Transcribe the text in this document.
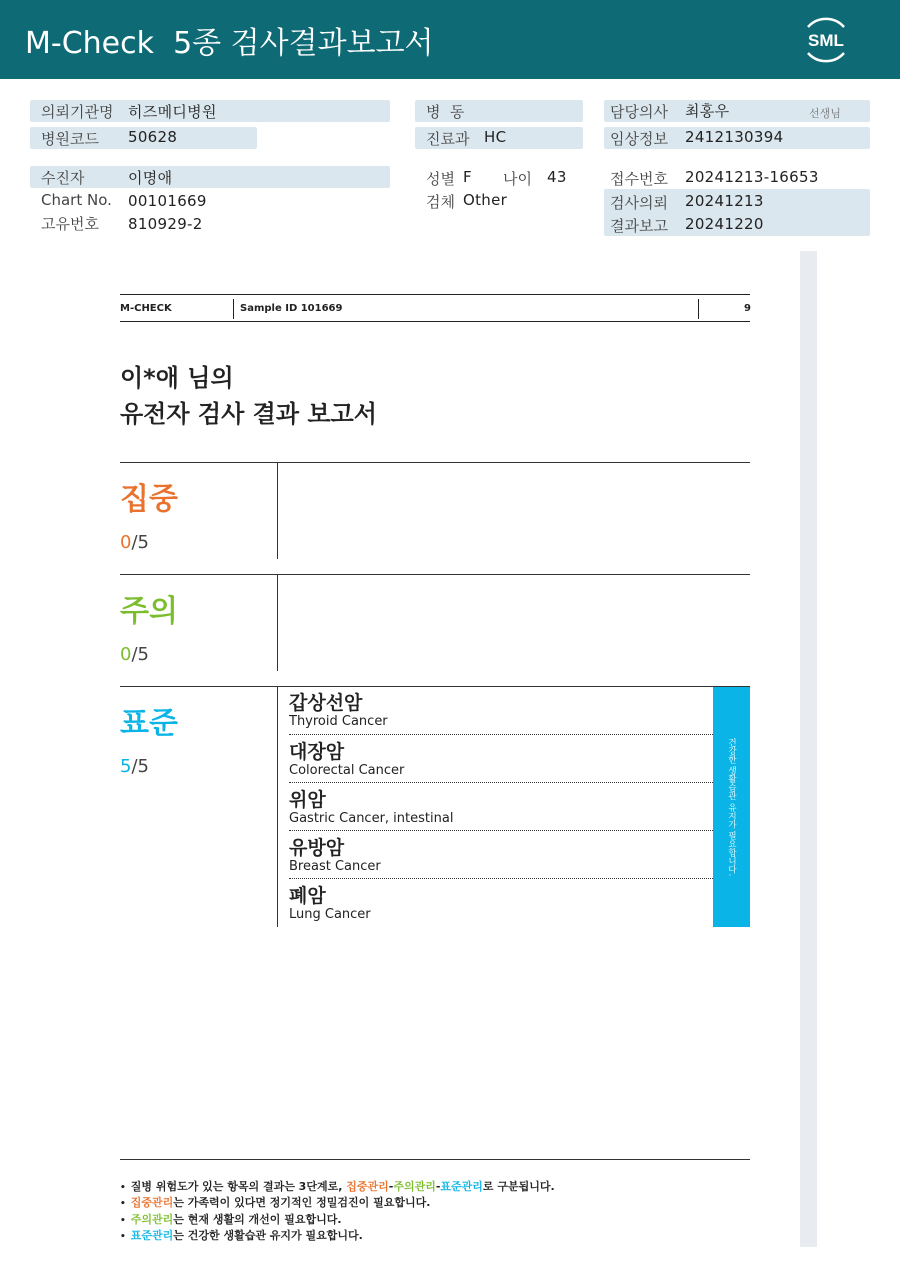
M-Check  5종 검사결과보고서	SML
의뢰기관명 히즈메디병원	병  동	담당의사 최홍우	선생님
병원코드 50628	진료과 HC	임상정보 2412130394
수진자	이명애	성별 F 나이 43	접수번호 20241213-16653
Chart No. 00101669	검체 Other	검사의뢰 20241213
고유번호 810929-2	결과보고 20241220
M-CHECK	Sample ID 101669	9
이*애 님의
유전자 검사 결과 보고서
집중
0/5
주의
0/5
표준
5/5
갑상선암
Thyroid Cancer
대장암
Colorectal Cancer
위암
Gastric Cancer, intestinal
유방암
Breast Cancer
폐암
Lung Cancer
건강한 생활습관 유지가 필요합니다.
• 질병 위험도가 있는 항목의 결과는 3단계로, 집중관리-주의관리-표준관리로 구분됩니다.
• 집중관리는 가족력이 있다면 정기적인 정밀검진이 필요합니다.
• 주의관리는 현재 생활의 개선이 필요합니다.
• 표준관리는 건강한 생활습관 유지가 필요합니다.
